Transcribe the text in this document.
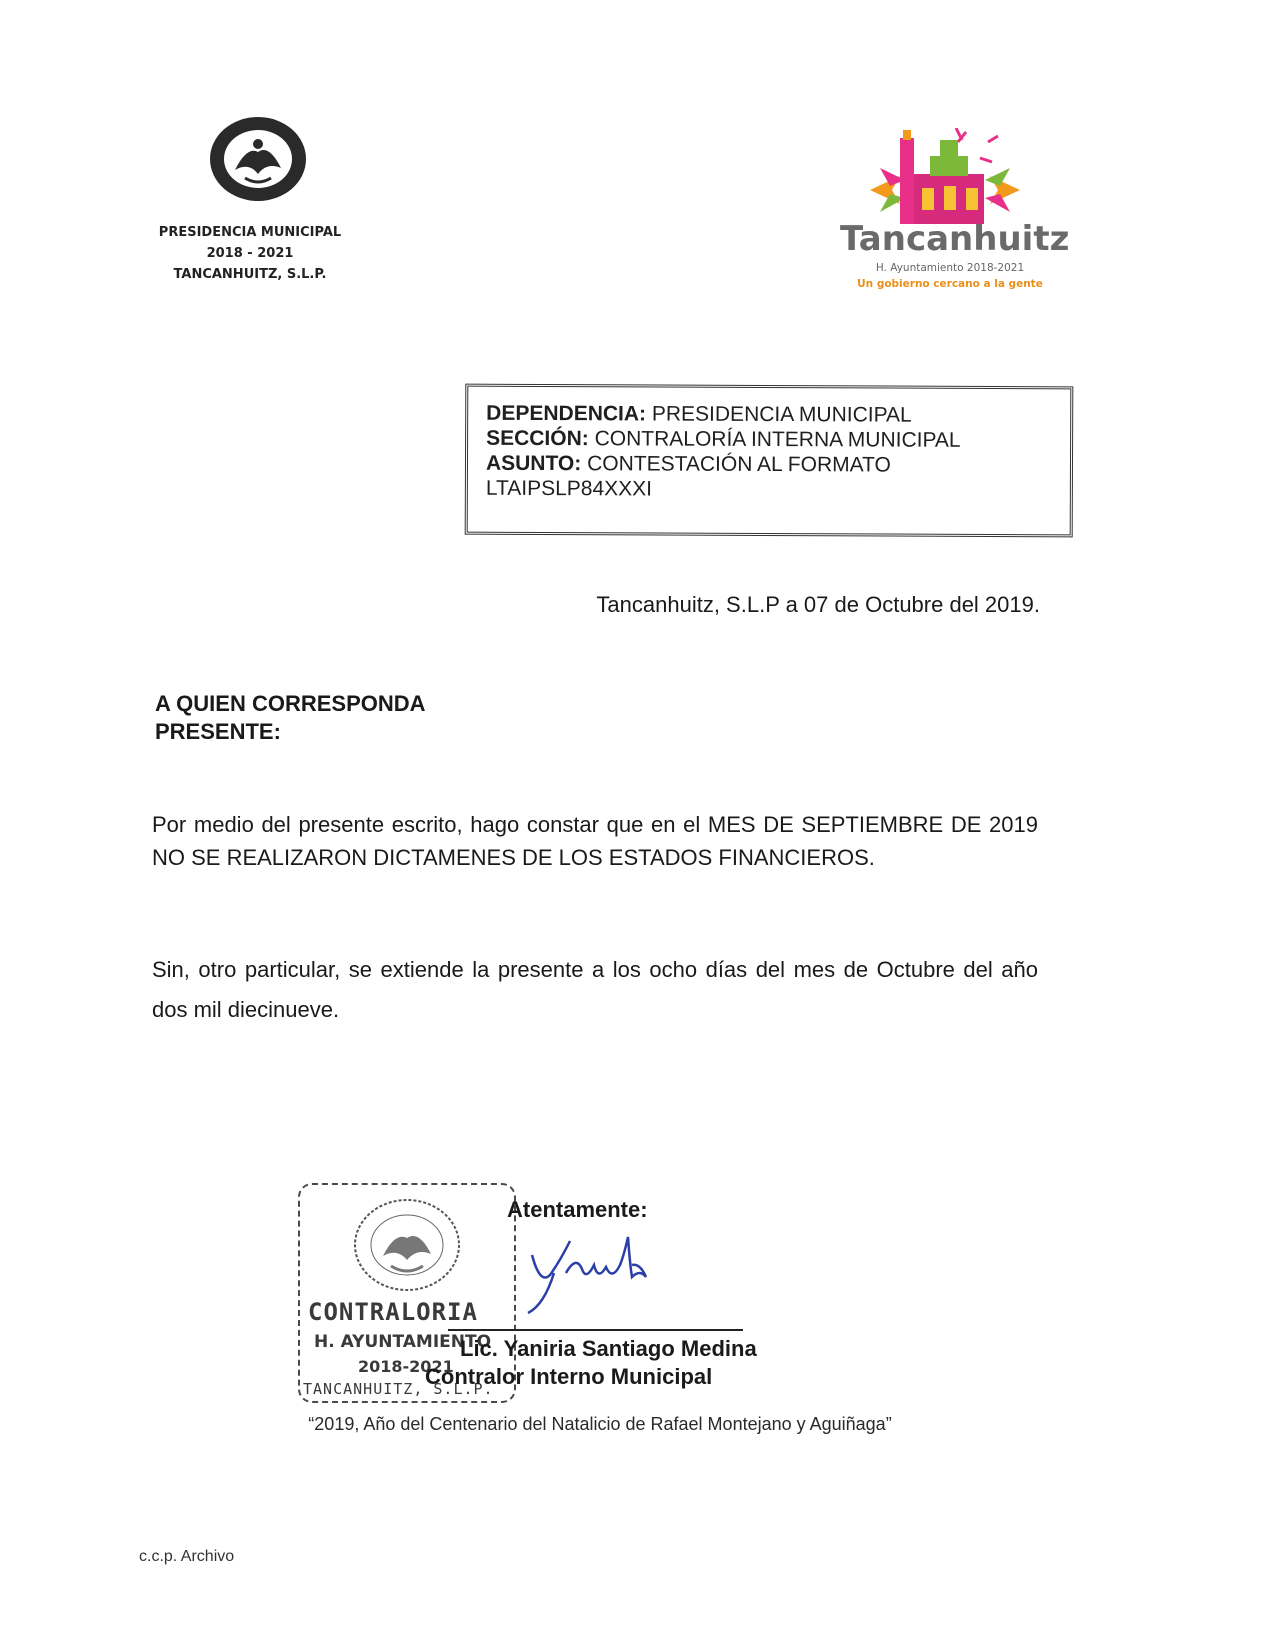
PRESIDENCIA MUNICIPAL
2018 - 2021
TANCANHUITZ, S.L.P.
Tancanhuitz
H. Ayuntamiento 2018-2021
Un gobierno cercano a la gente
DEPENDENCIA: PRESIDENCIA MUNICIPAL
SECCIÓN: CONTRALORÍA INTERNA MUNICIPAL
ASUNTO: CONTESTACIÓN AL FORMATO
LTAIPSLP84XXXI
Tancanhuitz, S.L.P a 07 de Octubre del 2019.
A QUIEN CORRESPONDA
PRESENTE:
Por medio del presente escrito, hago constar que en el MES DE SEPTIEMBRE DE 2019 NO SE REALIZARON DICTAMENES DE LOS ESTADOS FINANCIEROS.
Sin, otro particular, se extiende la presente a los ocho días del mes de Octubre del año dos mil diecinueve.
CONTRALORIA
H. AYUNTAMIENTO
2018-2021
TANCANHUITZ, S.L.P.
Atentamente:
Lic. Yaniria Santiago Medina
Contralor Interno Municipal
“2019, Año del Centenario del Natalicio de Rafael Montejano y Aguiñaga”
c.c.p. Archivo
